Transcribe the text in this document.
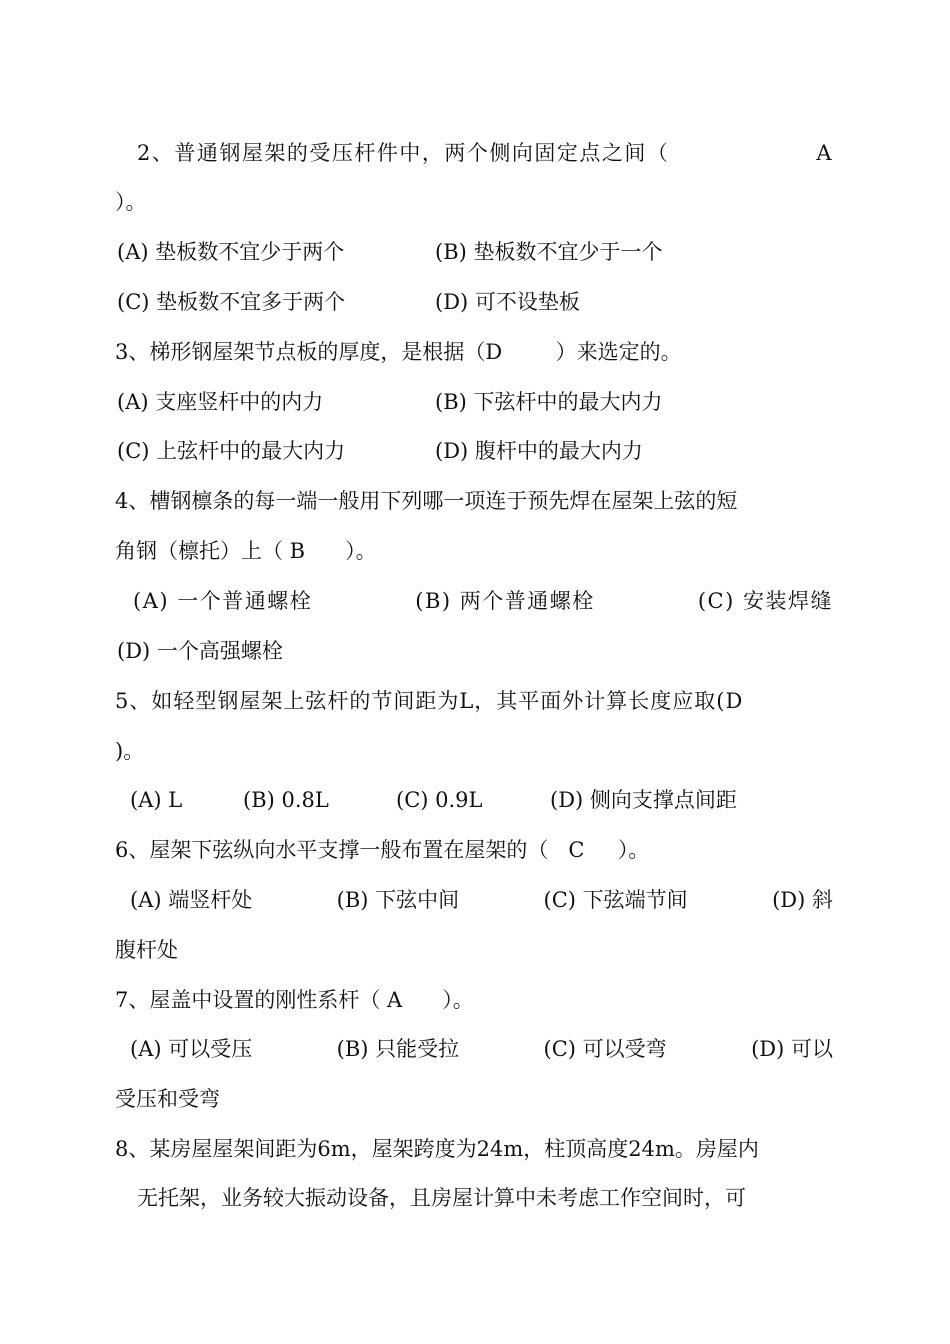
2、普通钢屋架的受压杆件中，两个侧向固定点之间（	A
）。
(A) 垫板数不宜少于两个	(B) 垫板数不宜少于一个
(C) 垫板数不宜多于两个	(D) 可不设垫板
3、梯形钢屋架节点板的厚度，是根据（D        ）来选定的。
(A) 支座竖杆中的内力	(B) 下弦杆中的最大内力
(C) 上弦杆中的最大内力	(D) 腹杆中的最大内力
4、槽钢檩条的每一端一般用下列哪一项连于预先焊在屋架上弦的短
角钢（檩托）上（ B      ）。
(A) 一个普通螺栓	(B) 两个普通螺栓	(C) 安装焊缝
(D) 一个高强螺栓
5、如轻型钢屋架上弦杆的节间距为L，其平面外计算长度应取(D
)。
(A) L	(B) 0.8L	(C) 0.9L	(D) 侧向支撑点间距
6、屋架下弦纵向水平支撑一般布置在屋架的（   C     ）。
(A) 端竖杆处	(B) 下弦中间	(C) 下弦端节间	(D) 斜
腹杆处
7、屋盖中设置的刚性系杆（ A      ）。
(A) 可以受压	(B) 只能受拉	(C) 可以受弯	(D) 可以
受压和受弯
8、某房屋屋架间距为6m，屋架跨度为24m，柱顶高度24m。房屋内
无托架，业务较大振动设备，且房屋计算中未考虑工作空间时，可
